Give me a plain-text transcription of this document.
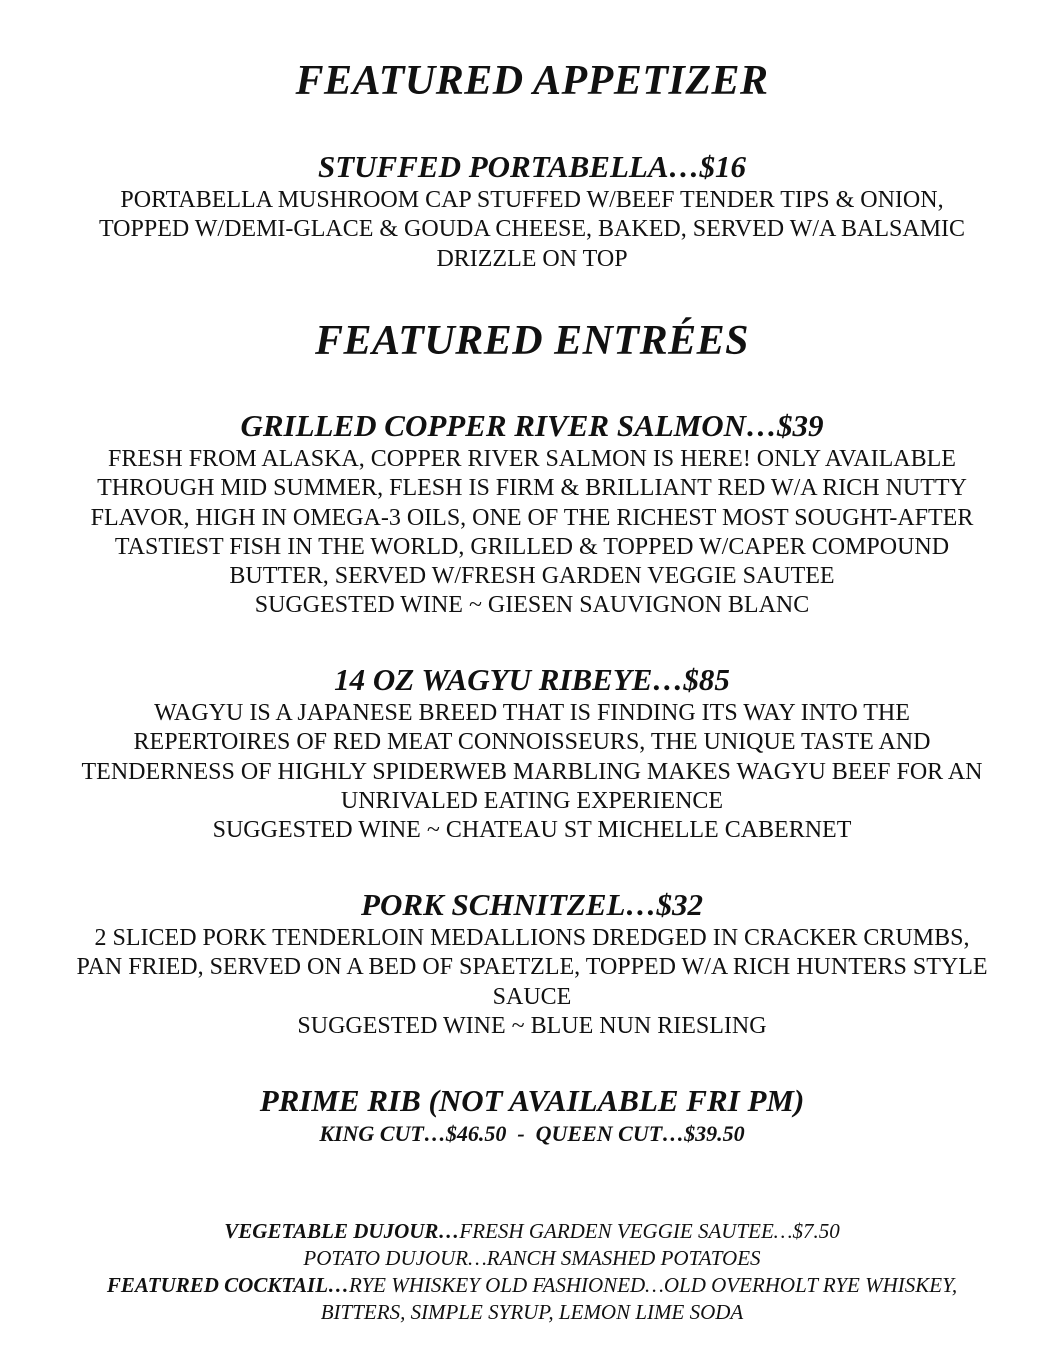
FEATURED APPETIZER
STUFFED PORTABELLA…$16
PORTABELLA MUSHROOM CAP STUFFED W/BEEF TENDER TIPS & ONION,
TOPPED W/DEMI-GLACE & GOUDA CHEESE, BAKED, SERVED W/A BALSAMIC
DRIZZLE ON TOP
FEATURED ENTRÉES
GRILLED COPPER RIVER SALMON…$39
FRESH FROM ALASKA, COPPER RIVER SALMON IS HERE! ONLY AVAILABLE
THROUGH MID SUMMER, FLESH IS FIRM & BRILLIANT RED W/A RICH NUTTY
FLAVOR, HIGH IN OMEGA-3 OILS, ONE OF THE RICHEST MOST SOUGHT-AFTER
TASTIEST FISH IN THE WORLD, GRILLED & TOPPED W/CAPER COMPOUND
BUTTER, SERVED W/FRESH GARDEN VEGGIE SAUTEE
SUGGESTED WINE ~ GIESEN SAUVIGNON BLANC
14 OZ WAGYU RIBEYE…$85
WAGYU IS A JAPANESE BREED THAT IS FINDING ITS WAY INTO THE
REPERTOIRES OF RED MEAT CONNOISSEURS, THE UNIQUE TASTE AND
TENDERNESS OF HIGHLY SPIDERWEB MARBLING MAKES WAGYU BEEF FOR AN
UNRIVALED EATING EXPERIENCE
SUGGESTED WINE ~ CHATEAU ST MICHELLE CABERNET
PORK SCHNITZEL…$32
2 SLICED PORK TENDERLOIN MEDALLIONS DREDGED IN CRACKER CRUMBS,
PAN FRIED, SERVED ON A BED OF SPAETZLE, TOPPED W/A RICH HUNTERS STYLE
SAUCE
SUGGESTED WINE ~ BLUE NUN RIESLING
PRIME RIB (NOT AVAILABLE FRI PM)
KING CUT…$46.50  -  QUEEN CUT…$39.50
VEGETABLE DUJOUR…FRESH GARDEN VEGGIE SAUTEE…$7.50
POTATO DUJOUR…RANCH SMASHED POTATOES
FEATURED COCKTAIL…RYE WHISKEY OLD FASHIONED…OLD OVERHOLT RYE WHISKEY,
BITTERS, SIMPLE SYRUP, LEMON LIME SODA
